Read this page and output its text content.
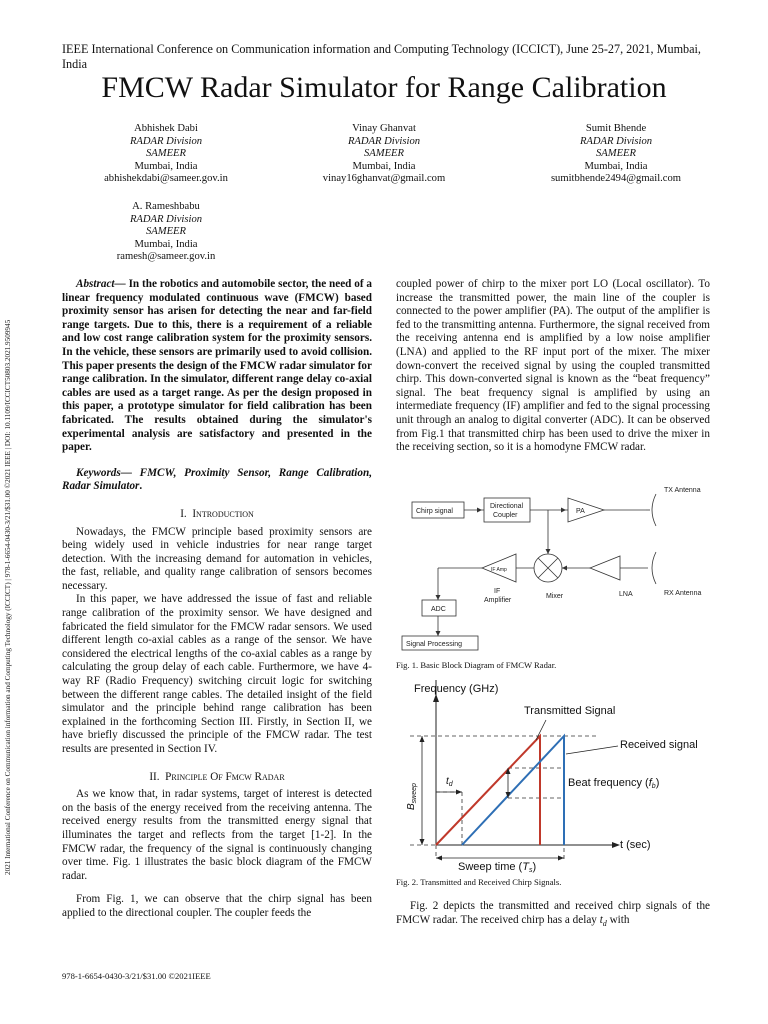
2021 International Conference on Communication information and Computing Technology (ICCICT) | 978-1-6654-0430-3/21/$31.00 ©2021 IEEE | DOI: 10.1109/ICCICT50803.2021.9509945
IEEE International Conference on Communication information and Computing Technology (ICCICT), June 25-27, 2021, Mumbai, India
FMCW Radar Simulator for Range Calibration
Abhishek Dabi
RADAR Division
SAMEER
Mumbai, India
abhishekdabi@sameer.gov.in
Vinay Ghanvat
RADAR Division
SAMEER
Mumbai, India
vinay16ghanvat@gmail.com
Sumit Bhende
RADAR Division
SAMEER
Mumbai, India
sumitbhende2494@gmail.com
A. Rameshbabu
RADAR Division
SAMEER
Mumbai, India
ramesh@sameer.gov.in

Abstract— In the robotics and automobile sector, the need of a linear frequency modulated continuous wave (FMCW) based proximity sensor has arisen for detecting the near and far-field range targets. Due to this, there is a requirement of a reliable and low cost range calibration system for the proximity sensors. In the vehicle, these sensors are primarily used to avoid collision. This paper presents the design of the FMCW radar simulator for range calibration. In the simulator, different range delay co-axial cables are used as a target range. As per the design proposed in this paper, a prototype simulator for field calibration has been fabricated. The results obtained during the simulator's experimental analysis are satisfactory and presented in the paper.

Keywords— FMCW, Proximity Sensor, Range Calibration, Radar Simulator.

I. Introduction

Nowadays, the FMCW principle based proximity sensors are being widely used in vehicle industries for near range target detection. With the increasing demand for automation in vehicles, the fast, reliable, and quality range calibration of sensors becomes necessary.

In this paper, we have addressed the issue of fast and reliable range calibration of the proximity sensor. We have designed and fabricated the field simulator for the FMCW radar sensors. We used different length co-axial cables as a range of the sensor. We have considered the electrical lengths of the co-axial cables as a range by calculating the group delay of each cable. Furthermore, we have 4-way RF (Radio Frequency) switching circuit logic for switching between the different range cables. The detailed insight of the field simulator and the principle behind range calibration has been explained in the forthcoming Section III. Firstly, in Section II, we have briefly discussed the principle of the FMCW radar. The test results are presented in Section IV.

II. Principle Of Fmcw Radar

As we know that, in radar systems, target of interest is detected on the basis of the energy received from the receiving antenna. The received energy results from the transmitted energy signal that illuminates the target and reflects from the target [1-2]. In the FMCW radar, the frequency of the signal is continuously changing over time. Fig. 1 illustrates the basic block diagram of the FMCW radar.

From Fig. 1, we can observe that the chirp signal has been applied to the directional coupler. The coupler feeds the

coupled power of chirp to the mixer port LO (Local oscillator). To increase the transmitted power, the main line of the coupler is connected to the power amplifier (PA). The output of the amplifier is fed to the transmitting antenna. Furthermore, the signal received from the receiving antenna end is amplified by a low noise amplifier (LNA) and applied to the RF input port of the mixer. The mixer down-convert the received signal by using the coupled transmitted chirp. This down-converted signal is known as the “beat frequency” signal. The beat frequency signal is amplified by using an intermediate frequency (IF) amplifier and fed to the signal processing unit through an analog to digital converter (ADC). It can be observed from Fig.1 that transmitted chirp has been used to drive the mixer in the receiving section, so it is a homodyne FMCW radar.

Chirp signal
Directional
Coupler
PA
TX Antenna
RX Antenna
LNA
Mixer
IF Amp
IF
Amplifier
ADC
Signal Processing
Fig. 1. Basic Block Diagram of FMCW Radar.
Frequency (GHz)
Transmitted Signal
Received signal
Beat frequency (fb)
$t_d$
$B_{sweep}$
t (sec)
Sweep time (Ts)
Fig. 2. Transmitted and Received Chirp Signals.

Fig. 2 depicts the transmitted and received chirp signals of the FMCW radar. The received chirp has a delay $t_d$ with

978-1-6654-0430-3/21/$31.00 ©2021IEEE
